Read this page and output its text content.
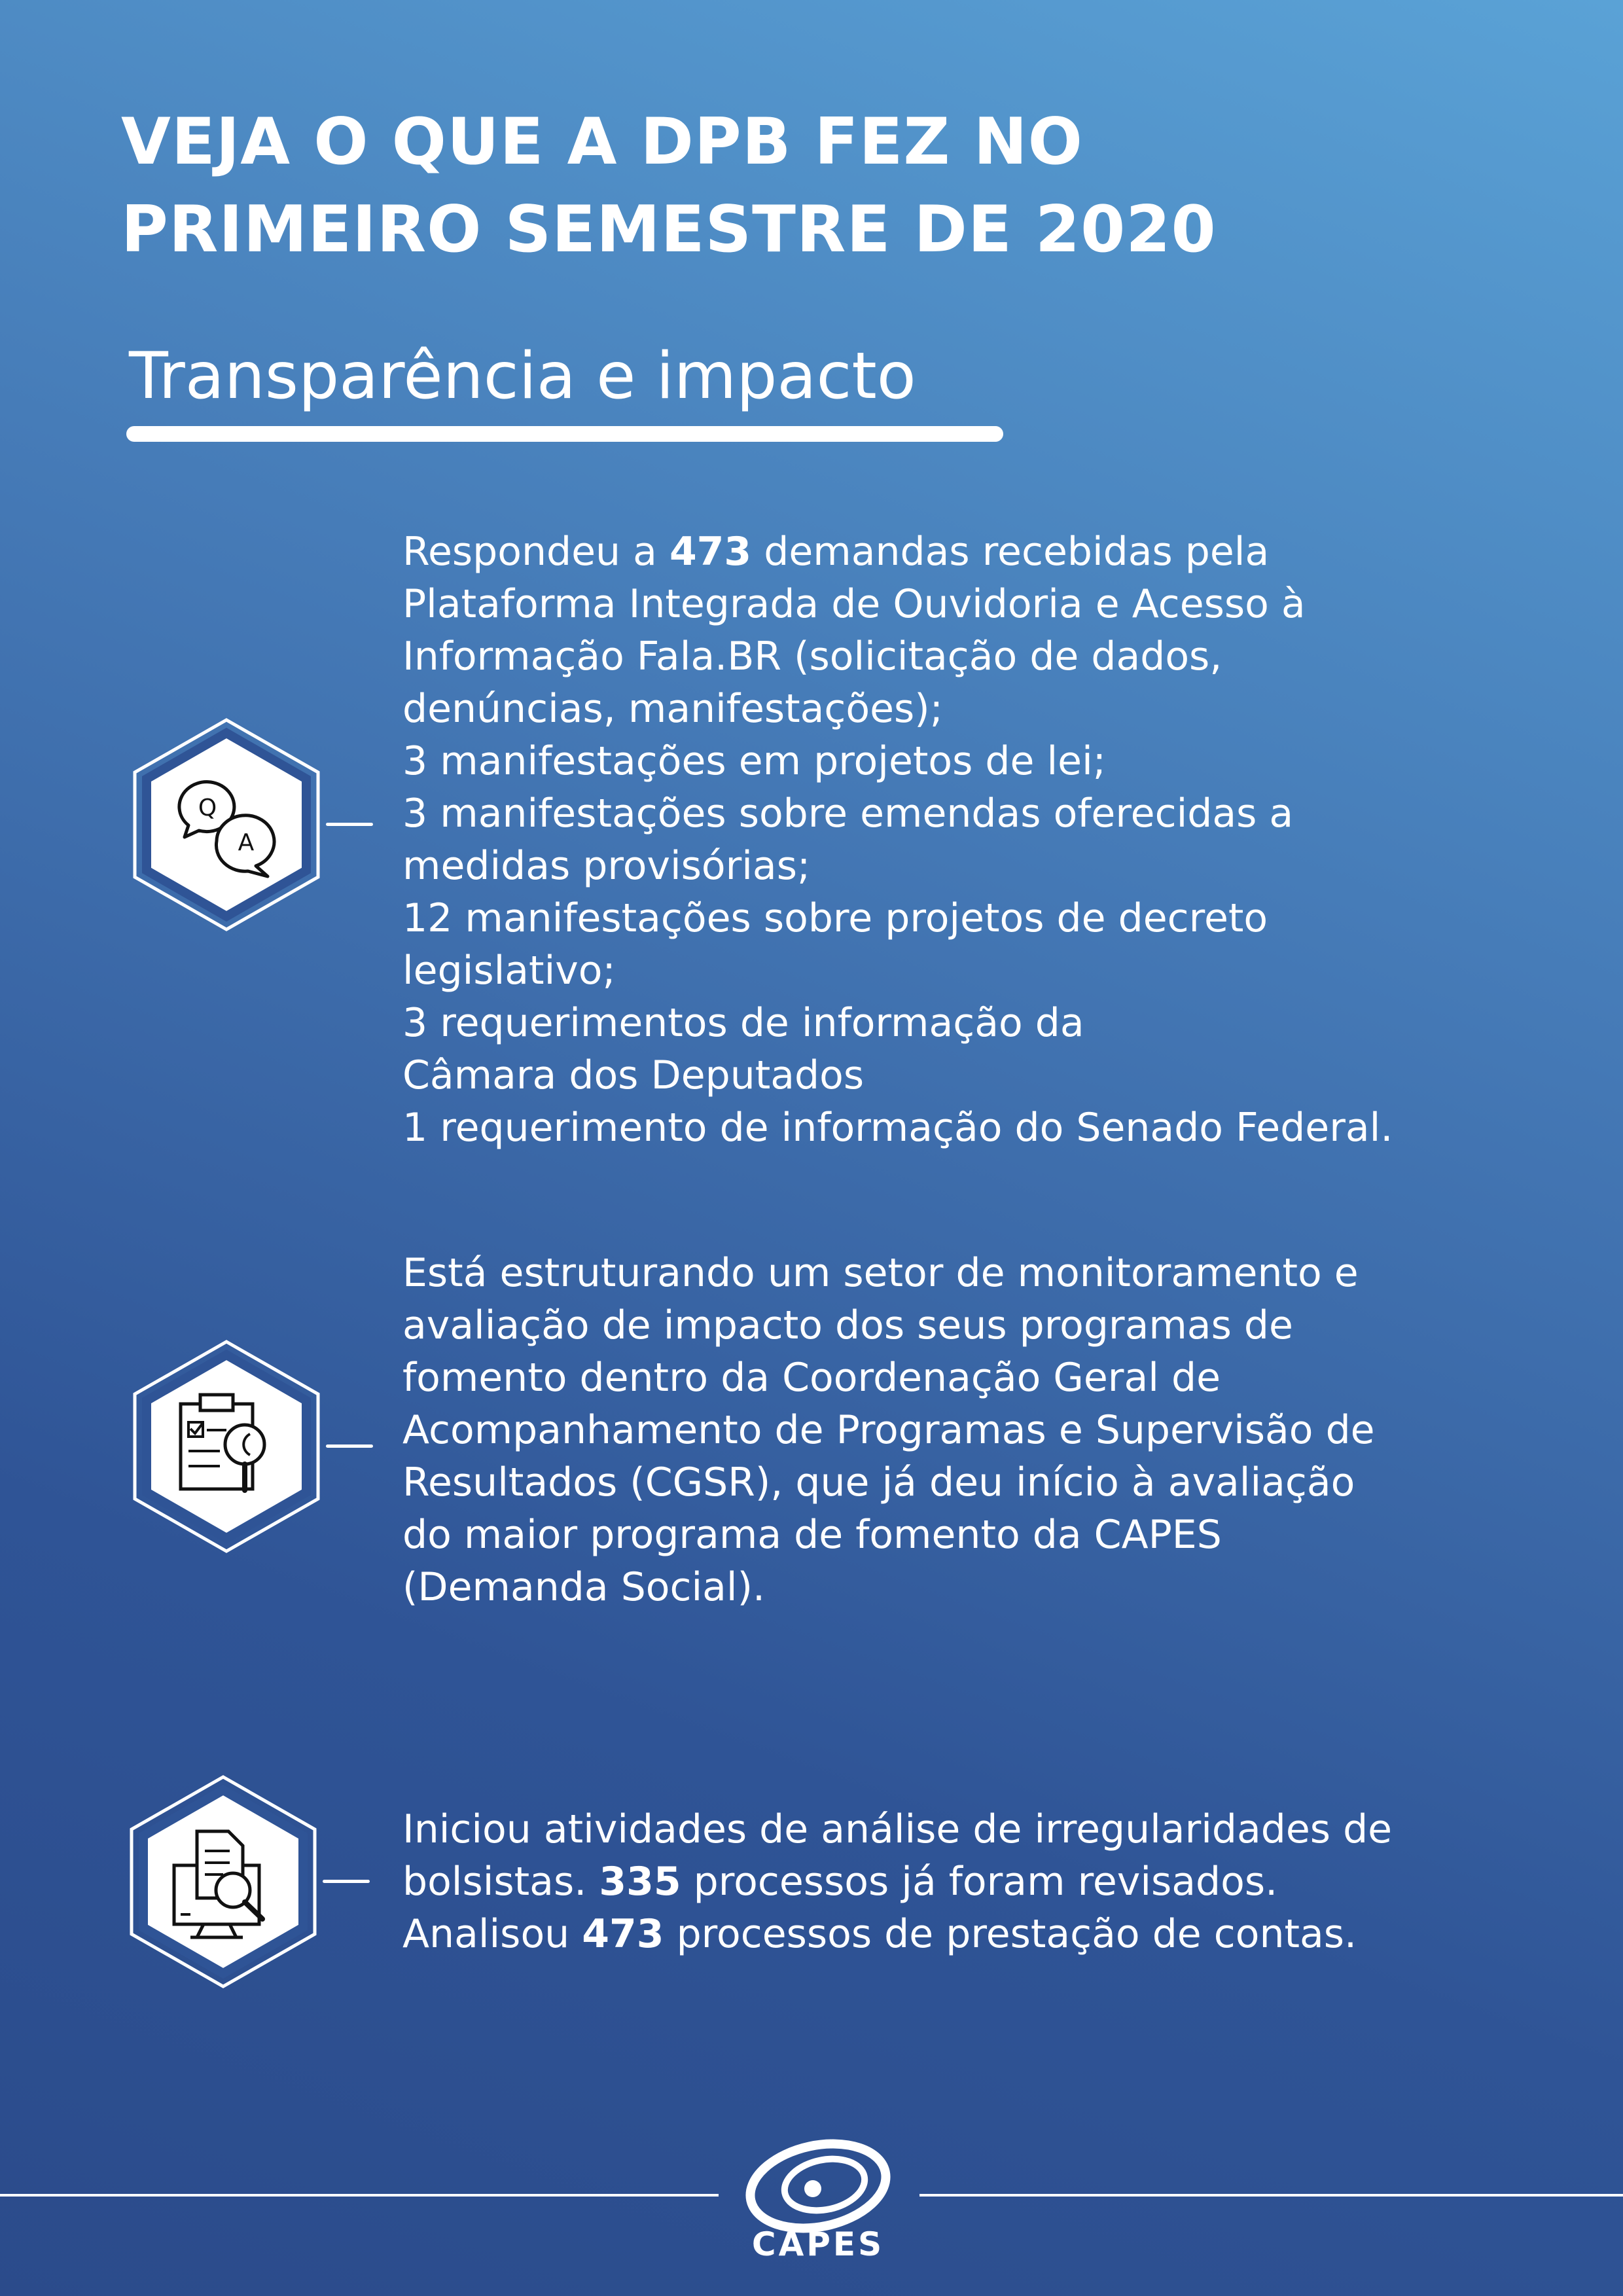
VEJA O QUE A DPB FEZ NO
PRIMEIRO SEMESTRE DE 2020
Transparência e impacto
Q
A

Respondeu a 473 demandas recebidas pela
Plataforma Integrada de Ouvidoria e Acesso à
Informação Fala.BR (solicitação de dados,
denúncias, manifestações);
3 manifestações em projetos de lei;
3 manifestações sobre emendas oferecidas a
medidas provisórias;
12 manifestações sobre projetos de decreto
legislativo;
3 requerimentos de informação da
Câmara dos Deputados
1 requerimento de informação do Senado Federal.

Está estruturando um setor de monitoramento e
avaliação de impacto dos seus programas de
fomento dentro da Coordenação Geral de
Acompanhamento de Programas e Supervisão de
Resultados (CGSR), que já deu início à avaliação
do maior programa de fomento da CAPES
(Demanda Social).

Iniciou atividades de análise de irregularidades de
bolsistas. 335 processos já foram revisados.
Analisou 473 processos de prestação de contas.

CAPES
